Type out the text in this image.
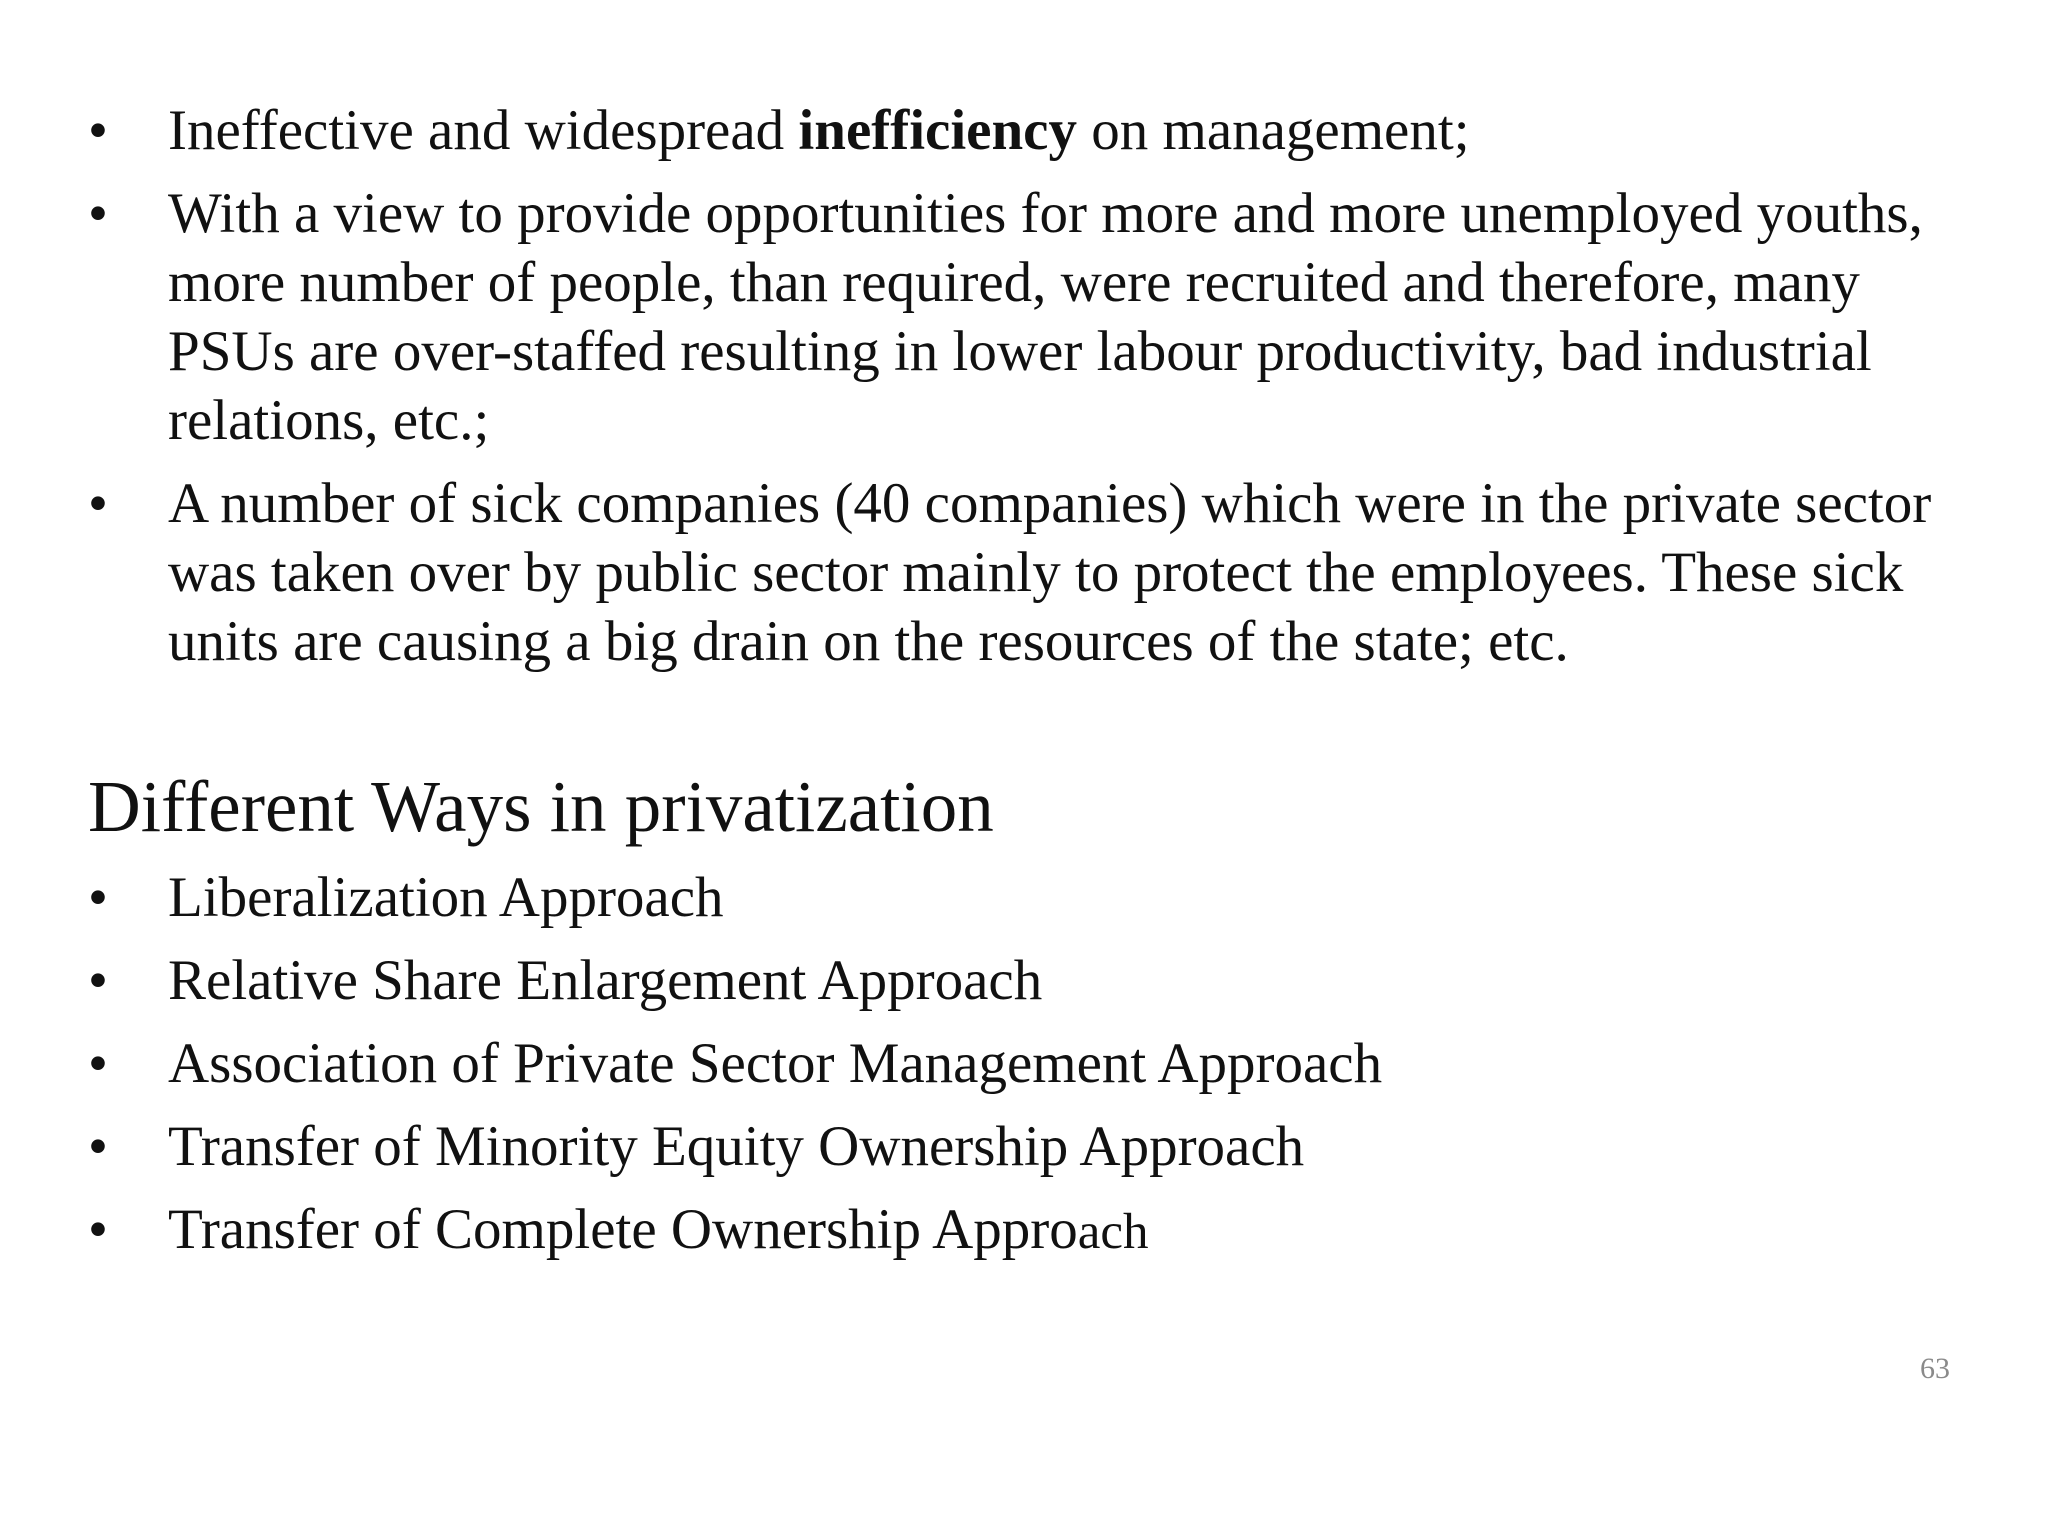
• Ineffective and widespread inefficiency on management;
• With a view to provide opportunities for more and more unemployed youths, more number of people, than required, were recruited and therefore, many PSUs are over-staffed resulting in lower labour productivity, bad industrial relations, etc.;
• A number of sick companies (40 companies) which were in the private sector was taken over by public sector mainly to protect the employees. These sick units are causing a big drain on the resources of the state; etc.
Different Ways in privatization
• Liberalization Approach
• Relative Share Enlargement Approach
• Association of Private Sector Management Approach
• Transfer of Minority Equity Ownership Approach
• Transfer of Complete Ownership Approach
63
